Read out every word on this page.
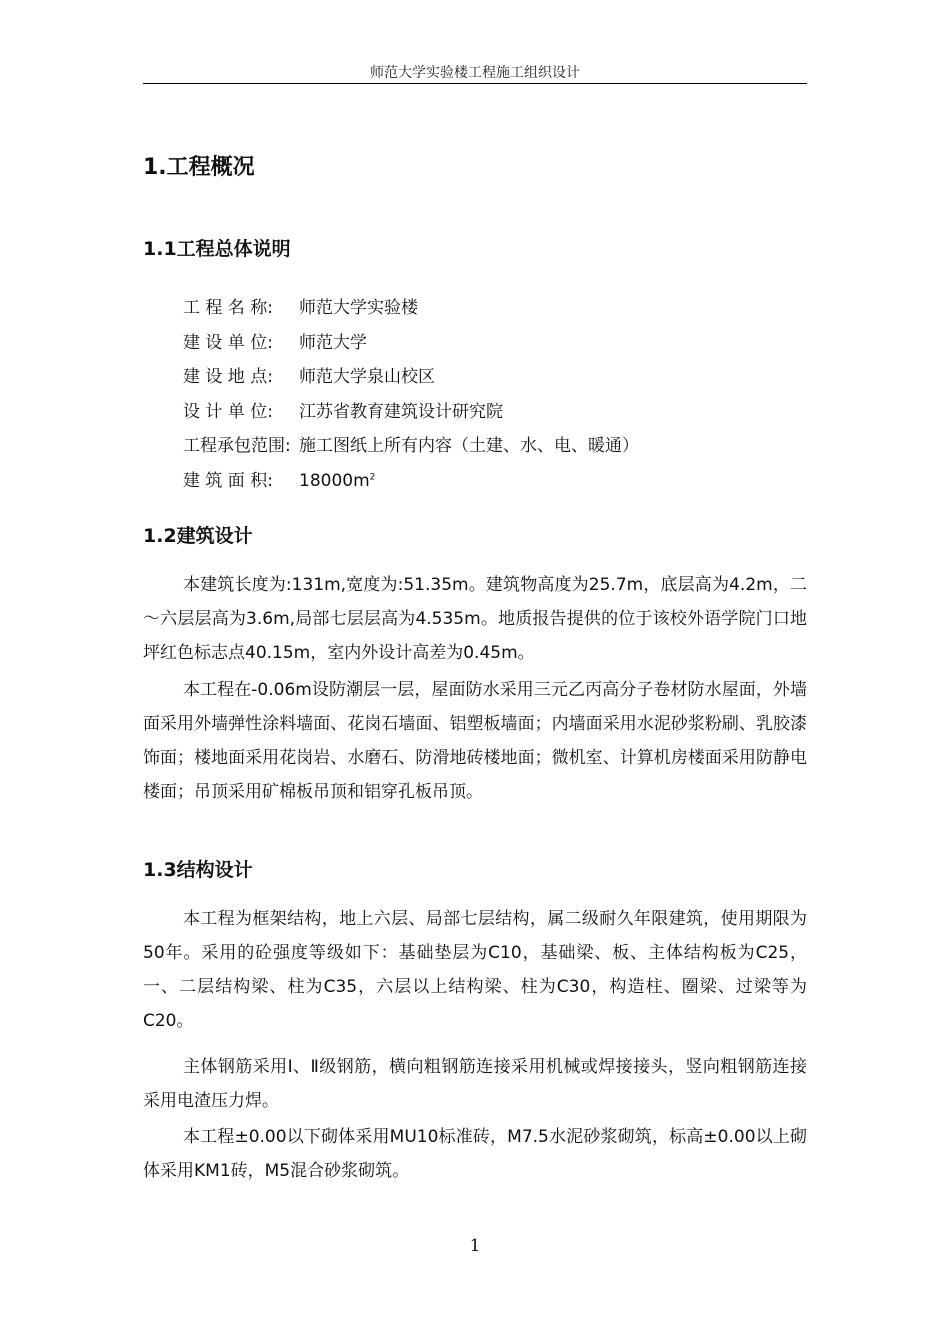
师范大学实验楼工程施工组织设计
1.工程概况
1.1工程总体说明
工 程 名 称: 师范大学实验楼
建 设 单 位: 师范大学
建 设 地 点: 师范大学泉山校区
设 计 单 位: 江苏省教育建筑设计研究院
工程承包范围: 施工图纸上所有内容（土建、水、电、暖通）
建 筑 面 积: $18000m^2$
1.2建筑设计
本建筑长度为:131m,宽度为:51.35m。建筑物高度为25.7m，底层高为4.2m，二～六层层高为3.6m,局部七层层高为4.535m。地质报告提供的位于该校外语学院门口地坪红色标志点40.15m，室内外设计高差为0.45m。
本工程在-0.06m设防潮层一层，屋面防水采用三元乙丙高分子卷材防水屋面，外墙面采用外墙弹性涂料墙面、花岗石墙面、铝塑板墙面；内墙面采用水泥砂浆粉刷、乳胶漆饰面；楼地面采用花岗岩、水磨石、防滑地砖楼地面；微机室、计算机房楼面采用防静电楼面；吊顶采用矿棉板吊顶和铝穿孔板吊顶。
1.3结构设计
本工程为框架结构，地上六层、局部七层结构，属二级耐久年限建筑，使用期限为50年。采用的砼强度等级如下：基础垫层为C10，基础梁、板、主体结构板为C25，一、二层结构梁、柱为C35，六层以上结构梁、柱为C30，构造柱、圈梁、过梁等为C20。
主体钢筋采用Ⅰ、Ⅱ级钢筋，横向粗钢筋连接采用机械或焊接接头，竖向粗钢筋连接采用电渣压力焊。
本工程±0.00以下砌体采用MU10标准砖，M7.5水泥砂浆砌筑，标高±0.00以上砌体采用KM1砖，M5混合砂浆砌筑。
1
